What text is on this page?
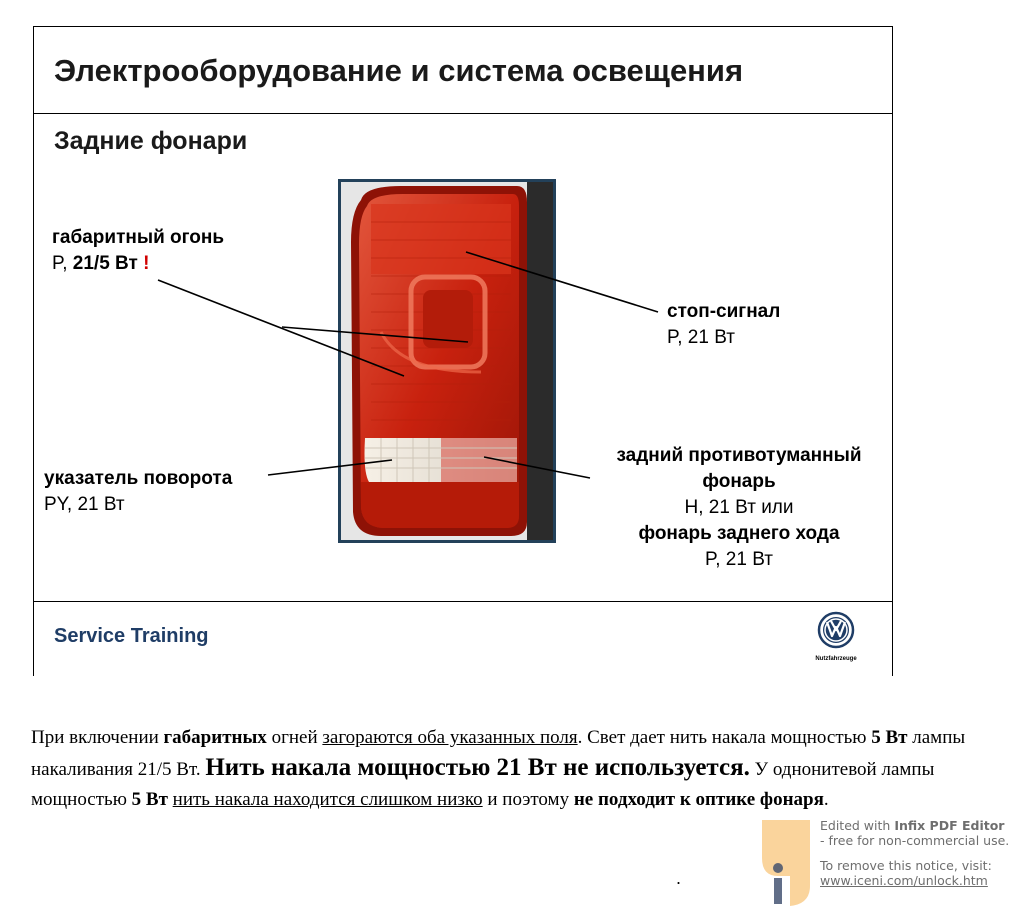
Электрооборудование и система освещения
Задние фонари
габаритный огонь
P, 21/5 Вт !
стоп-сигнал
P, 21 Вт
указатель поворота
PY, 21 Вт
задний противотуманный
фонарь
H, 21 Вт или
фонарь заднего хода
P, 21 Вт
Service Training
Nutzfahrzeuge

При включении габаритных огней загораются оба указанных поля. Свет дает нить накала мощностью 5 Вт лампы накаливания 21/5 Вт. Нить накала мощностью 21 Вт не используется. У однонитевой лампы мощностью 5 Вт нить накала находится слишком низко и поэтому не подходит к оптике фонаря.

.
Edited with Infix PDF Editor
- free for non-commercial use.
To remove this notice, visit:
www.iceni.com/unlock.htm
